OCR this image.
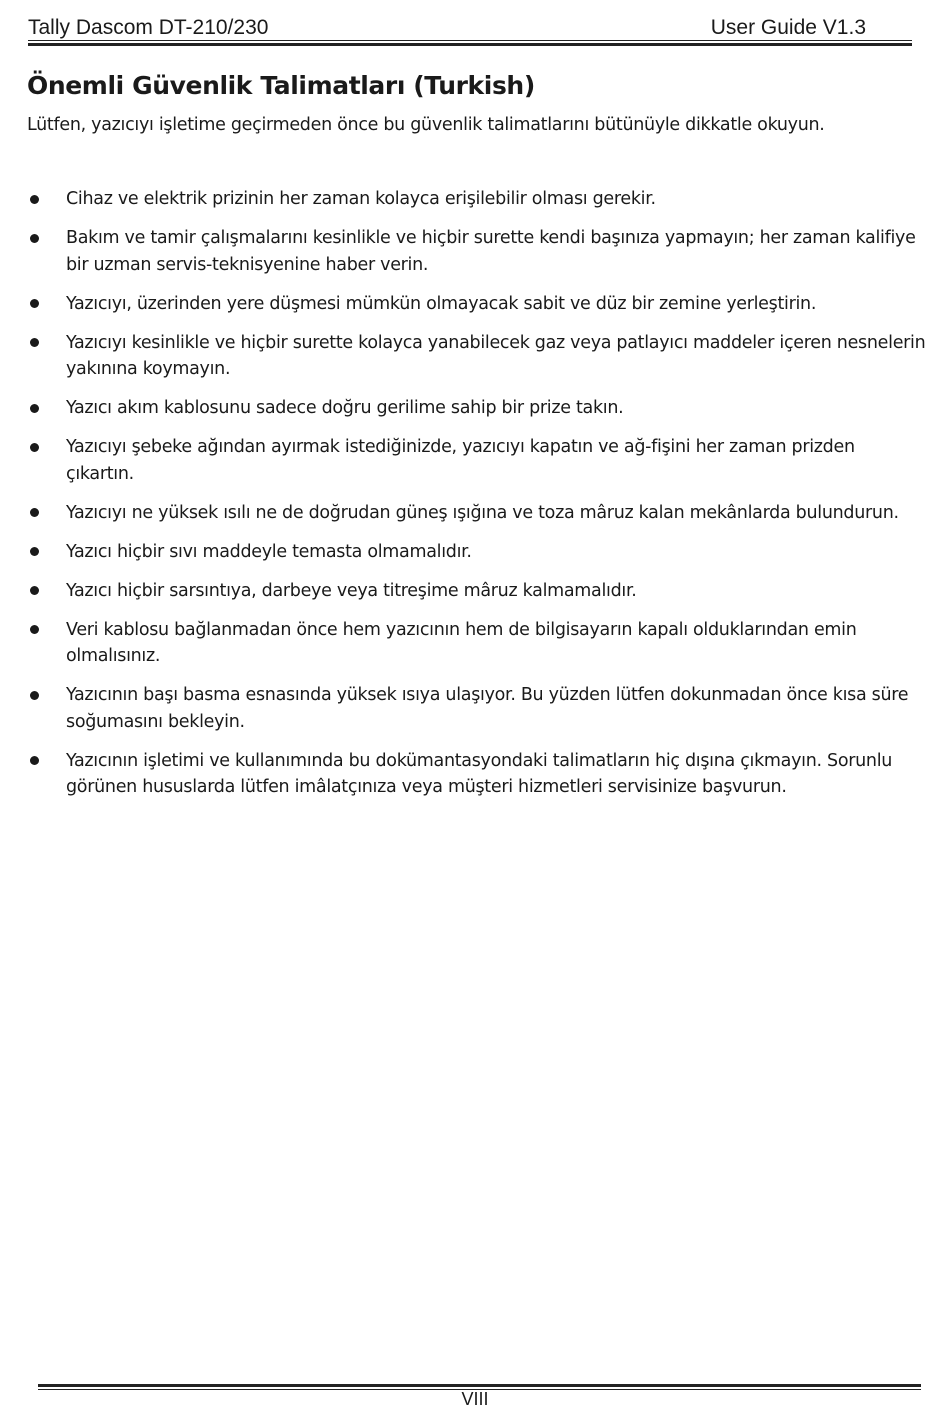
Tally Dascom DT-210/230	User Guide V1.3
Önemli Güvenlik Talimatları (Turkish)

Lütfen, yazıcıyı işletime geçirmeden önce bu güvenlik talimatlarını bütünüyle dikkatle okuyun.

Cihaz ve elektrik prizinin her zaman kolayca erişilebilir olması gerekir.
Bakım ve tamir çalışmalarını kesinlikle ve hiçbir surette kendi başınıza yapmayın; her zaman kalifiye bir uzman servis-teknisyenine haber verin.
Yazıcıyı, üzerinden yere düşmesi mümkün olmayacak sabit ve düz bir zemine yerleştirin.
Yazıcıyı kesinlikle ve hiçbir surette kolayca yanabilecek gaz veya patlayıcı maddeler içeren nesnelerin yakınına koymayın.
Yazıcı akım kablosunu sadece doğru gerilime sahip bir prize takın.
Yazıcıyı şebeke ağından ayırmak istediğinizde, yazıcıyı kapatın ve ağ-fişini her zaman prizden çıkartın.
Yazıcıyı ne yüksek ısılı ne de doğrudan güneş ışığına ve toza mâruz kalan mekânlarda bulundurun.
Yazıcı hiçbir sıvı maddeyle temasta olmamalıdır.
Yazıcı hiçbir sarsıntıya, darbeye veya titreşime mâruz kalmamalıdır.
Veri kablosu bağlanmadan önce hem yazıcının hem de bilgisayarın kapalı olduklarından emin olmalısınız.
Yazıcının başı basma esnasında yüksek ısıya ulaşıyor. Bu yüzden lütfen dokunmadan önce kısa süre soğumasını bekleyin.
Yazıcının işletimi ve kullanımında bu dokümantasyondaki talimatların hiç dışına çıkmayın. Sorunlu görünen hususlarda lütfen imâlatçınıza veya müşteri hizmetleri servisinize başvurun.
VIII
